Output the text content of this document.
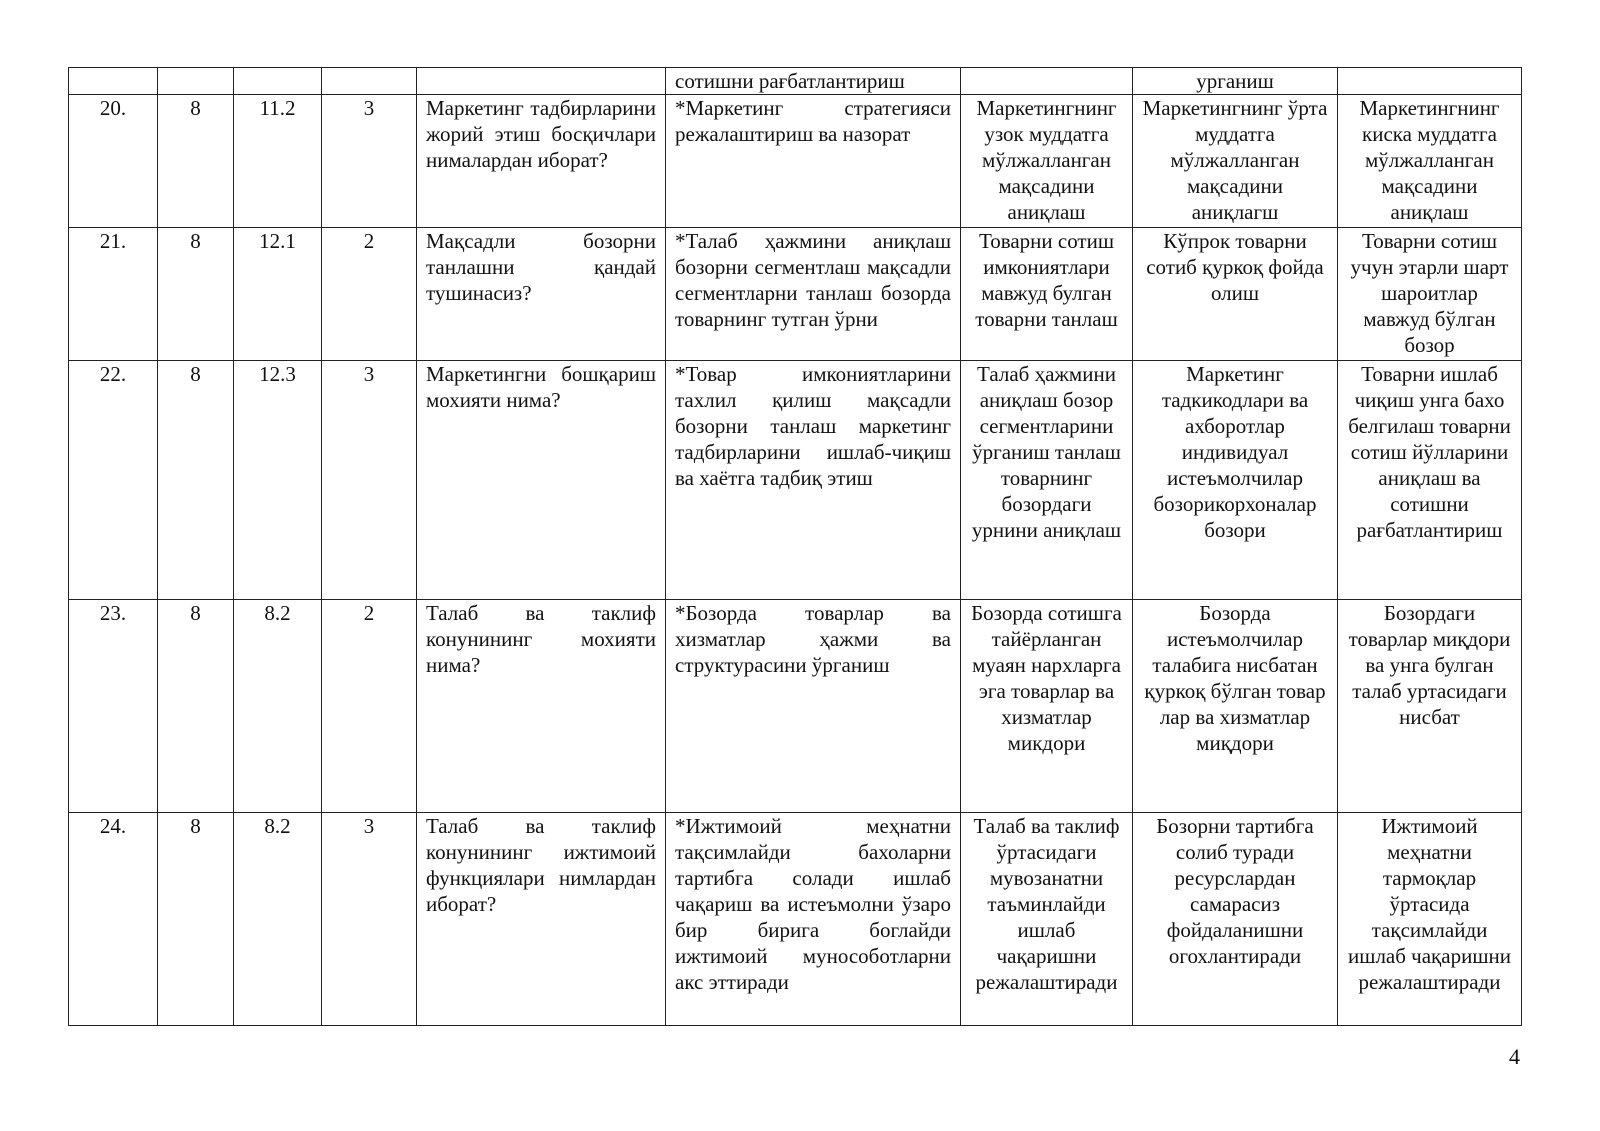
					сотишни рағбатлантириш		урганиш	
20.	8	11.2	3	Маркетинг тадбирларини жорий этиш босқичлари нималардан иборат?	*Маркетинг стратегияси режалаштириш ва назорат	Маркетингнинг узок муддатга мўлжалланган мақсадини аниқлаш	Маркетингнинг ўрта муддатга мўлжалланган мақсадини аниқлагш	Маркетингнинг киска муддатга мўлжалланган мақсадини аниқлаш
21.	8	12.1	2	Мақсадли бозорни танлашни қандай тушинасиз?	*Талаб ҳажмини аниқлаш бозорни сегментлаш мақсадли сегментларни танлаш бозорда товарнинг тутган ўрни	Товарни сотиш имкониятлари мавжуд булган товарни танлаш	Кўпрок товарни сотиб қуркоқ фойда олиш	Товарни сотиш учун этарли шарт шароитлар мавжуд бўлган бозор
22.	8	12.3	3	Маркетингни бошқариш мохияти нима?	*Товар имкониятларини тахлил қилиш мақсадли бозорни танлаш маркетинг тадбирларини ишлаб-чиқиш ва хаётга тадбиқ этиш	Талаб ҳажмини аниқлаш бозор сегментларини ўрганиш танлаш товарнинг бозордаги урнини аниқлаш	Маркетинг тадкикодлари ва ахборотлар индивидуал истеъмолчилар бозорикорхоналар бозори	Товарни ишлаб чиқиш унга бахо белгилаш товарни сотиш йўлларини аниқлаш ва сотишни рағбатлантириш
23.	8	8.2	2	Талаб ва таклиф конунининг мохияти нима?	*Бозорда товарлар ва хизматлар ҳажми ва структурасини ўрганиш	Бозорда сотишга тайёрланган муаян нархларга эга товарлар ва хизматлар микдори	Бозорда истеъмолчилар талабига нисбатан қуркоқ бўлган товар лар ва хизматлар миқдори	Бозордаги товарлар миқдори ва унга булган талаб уртасидаги нисбат
24.	8	8.2	3	Талаб ва таклиф конунининг ижтимоий функциялари нимлардан иборат?	*Ижтимоий меҳнатни тақсимлайди бахоларни тартибга солади ишлаб чақариш ва истеъмолни ўзаро бир бирига боглайди ижтимоий мунособотларни акс эттиради	Талаб ва таклиф ўртасидаги мувозанатни таъминлайди ишлаб чақаришни режалаштиради	Бозорни тартибга солиб туради ресурслардан самарасиз фойдаланишни огохлантиради	Ижтимоий меҳнатни тармоқлар ўртасида тақсимлайди ишлаб чақаришни режалаштиради
4
